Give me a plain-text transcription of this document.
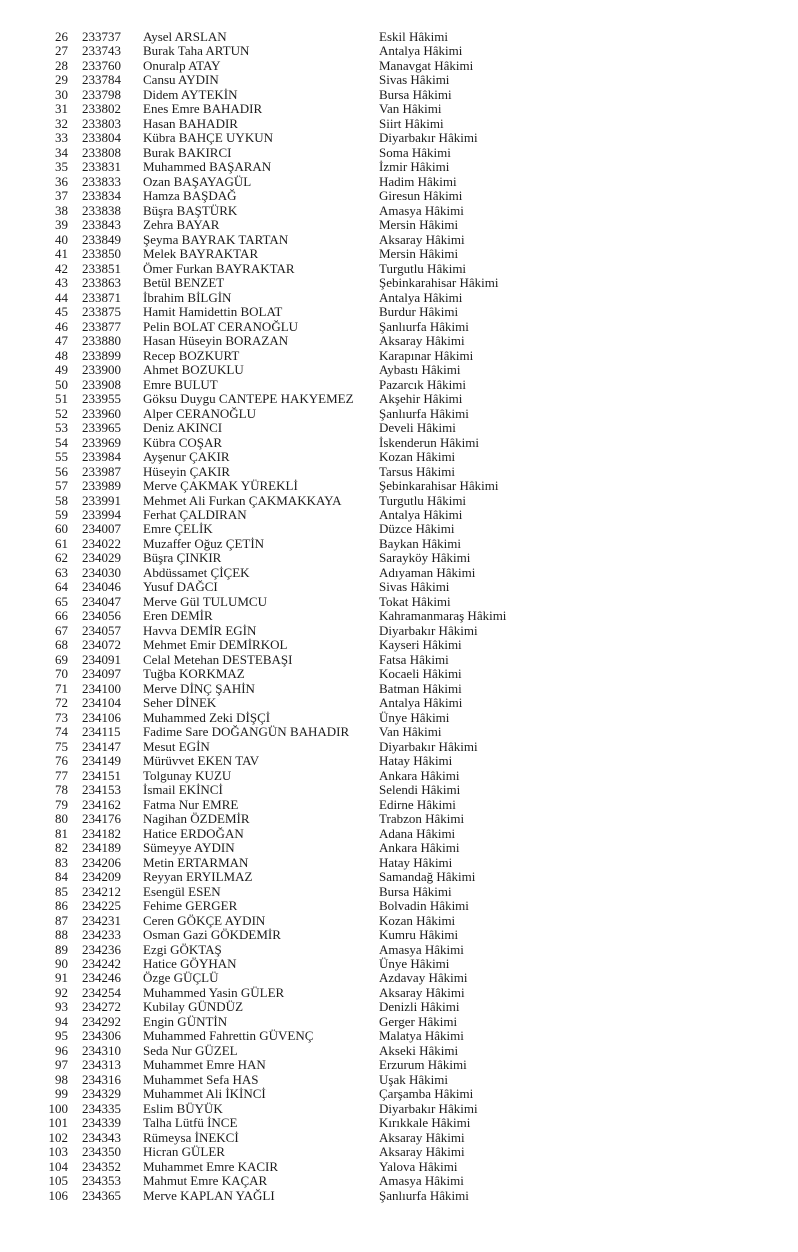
26	233737	Aysel ARSLAN	Eskil Hâkimi
27	233743	Burak Taha ARTUN	Antalya Hâkimi
28	233760	Onuralp ATAY	Manavgat Hâkimi
29	233784	Cansu AYDIN	Sivas Hâkimi
30	233798	Didem AYTEKİN	Bursa Hâkimi
31	233802	Enes Emre BAHADIR	Van Hâkimi
32	233803	Hasan BAHADIR	Siirt Hâkimi
33	233804	Kübra BAHÇE UYKUN	Diyarbakır Hâkimi
34	233808	Burak BAKIRCI	Soma Hâkimi
35	233831	Muhammed BAŞARAN	İzmir Hâkimi
36	233833	Ozan BAŞAYAGÜL	Hadim Hâkimi
37	233834	Hamza BAŞDAĞ	Giresun Hâkimi
38	233838	Büşra BAŞTÜRK	Amasya Hâkimi
39	233843	Zehra BAYAR	Mersin Hâkimi
40	233849	Şeyma BAYRAK TARTAN	Aksaray Hâkimi
41	233850	Melek BAYRAKTAR	Mersin Hâkimi
42	233851	Ömer Furkan BAYRAKTAR	Turgutlu Hâkimi
43	233863	Betül BENZET	Şebinkarahisar Hâkimi
44	233871	İbrahim BİLGİN	Antalya Hâkimi
45	233875	Hamit Hamidettin BOLAT	Burdur Hâkimi
46	233877	Pelin BOLAT CERANOĞLU	Şanlıurfa Hâkimi
47	233880	Hasan Hüseyin BORAZAN	Aksaray Hâkimi
48	233899	Recep BOZKURT	Karapınar Hâkimi
49	233900	Ahmet BOZUKLU	Aybastı Hâkimi
50	233908	Emre BULUT	Pazarcık Hâkimi
51	233955	Göksu Duygu CANTEPE HAKYEMEZ	Akşehir Hâkimi
52	233960	Alper CERANOĞLU	Şanlıurfa Hâkimi
53	233965	Deniz AKINCI	Develi Hâkimi
54	233969	Kübra COŞAR	İskenderun Hâkimi
55	233984	Ayşenur ÇAKIR	Kozan Hâkimi
56	233987	Hüseyin ÇAKIR	Tarsus Hâkimi
57	233989	Merve ÇAKMAK YÜREKLİ	Şebinkarahisar Hâkimi
58	233991	Mehmet Ali Furkan ÇAKMAKKAYA	Turgutlu Hâkimi
59	233994	Ferhat ÇALDIRAN	Antalya Hâkimi
60	234007	Emre ÇELİK	Düzce Hâkimi
61	234022	Muzaffer Oğuz ÇETİN	Baykan Hâkimi
62	234029	Büşra ÇINKIR	Sarayköy Hâkimi
63	234030	Abdüssamet ÇİÇEK	Adıyaman Hâkimi
64	234046	Yusuf DAĞCI	Sivas Hâkimi
65	234047	Merve Gül TULUMCU	Tokat Hâkimi
66	234056	Eren DEMİR	Kahramanmaraş Hâkimi
67	234057	Havva DEMİR EGİN	Diyarbakır Hâkimi
68	234072	Mehmet Emir DEMİRKOL	Kayseri Hâkimi
69	234091	Celal Metehan DESTEBAŞI	Fatsa Hâkimi
70	234097	Tuğba KORKMAZ	Kocaeli Hâkimi
71	234100	Merve DİNÇ ŞAHİN	Batman Hâkimi
72	234104	Seher DİNEK	Antalya Hâkimi
73	234106	Muhammed Zeki DİŞÇİ	Ünye Hâkimi
74	234115	Fadime Sare DOĞANGÜN BAHADIR	Van Hâkimi
75	234147	Mesut EGİN	Diyarbakır Hâkimi
76	234149	Mürüvvet EKEN TAV	Hatay Hâkimi
77	234151	Tolgunay KUZU	Ankara Hâkimi
78	234153	İsmail EKİNCİ	Selendi Hâkimi
79	234162	Fatma Nur EMRE	Edirne Hâkimi
80	234176	Nagihan ÖZDEMİR	Trabzon Hâkimi
81	234182	Hatice ERDOĞAN	Adana Hâkimi
82	234189	Sümeyye AYDIN	Ankara Hâkimi
83	234206	Metin ERTARMAN	Hatay Hâkimi
84	234209	Reyyan ERYILMAZ	Samandağ Hâkimi
85	234212	Esengül ESEN	Bursa Hâkimi
86	234225	Fehime GERGER	Bolvadin Hâkimi
87	234231	Ceren GÖKÇE AYDIN	Kozan Hâkimi
88	234233	Osman Gazi GÖKDEMİR	Kumru Hâkimi
89	234236	Ezgi GÖKTAŞ	Amasya Hâkimi
90	234242	Hatice GÖYHAN	Ünye Hâkimi
91	234246	Özge GÜÇLÜ	Azdavay Hâkimi
92	234254	Muhammed Yasin GÜLER	Aksaray Hâkimi
93	234272	Kubilay GÜNDÜZ	Denizli Hâkimi
94	234292	Engin GÜNTİN	Gerger Hâkimi
95	234306	Muhammed Fahrettin GÜVENÇ	Malatya Hâkimi
96	234310	Seda Nur GÜZEL	Akseki Hâkimi
97	234313	Muhammet Emre HAN	Erzurum Hâkimi
98	234316	Muhammet Sefa HAS	Uşak Hâkimi
99	234329	Muhammet Ali İKİNCİ	Çarşamba Hâkimi
100	234335	Eslim BÜYÜK	Diyarbakır Hâkimi
101	234339	Talha Lütfü İNCE	Kırıkkale Hâkimi
102	234343	Rümeysa İNEKCİ	Aksaray Hâkimi
103	234350	Hicran GÜLER	Aksaray Hâkimi
104	234352	Muhammet Emre KACIR	Yalova Hâkimi
105	234353	Mahmut Emre KAÇAR	Amasya Hâkimi
106	234365	Merve KAPLAN YAĞLI	Şanlıurfa Hâkimi
